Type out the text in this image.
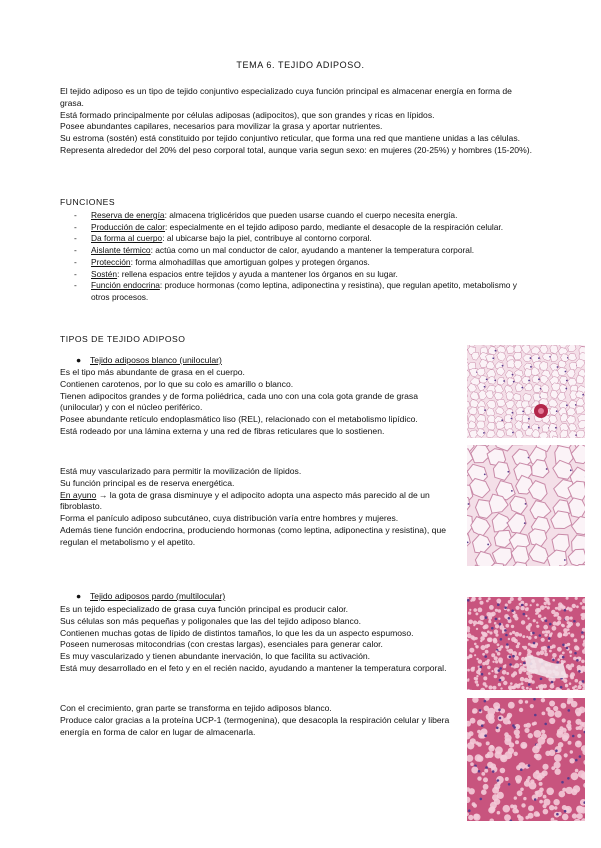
TEMA 6. TEJIDO ADIPOSO.

El tejido adiposo es un tipo de tejido conjuntivo especializado cuya función principal es almacenar energía en forma de grasa.

Está formado principalmente por células adiposas (adipocitos), que son grandes y ricas en lípidos.

Posee abundantes capilares, necesarios para movilizar la grasa y aportar nutrientes.

Su estroma (sostén) está constituido por tejido conjuntivo reticular, que forma una red que mantiene unidas a las células.

Representa alrededor del 20% del peso corporal total, aunque varia segun sexo: en mujeres (20-25%) y hombres (15-20%).

FUNCIONES
- Reserva de energía: almacena triglicéridos que pueden usarse cuando el cuerpo necesita energía.
- Producción de calor: especialmente en el tejido adiposo pardo, mediante el desacople de la respiración celular.
- Da forma al cuerpo: al ubicarse bajo la piel, contribuye al contorno corporal.
- Aislante térmico: actúa como un mal conductor de calor, ayudando a mantener la temperatura corporal.
- Protección: forma almohadillas que amortiguan golpes y protegen órganos.
- Sostén: rellena espacios entre tejidos y ayuda a mantener los órganos en su lugar.
- Función endocrina: produce hormonas (como leptina, adiponectina y resistina), que regulan apetito, metabolismo y otros procesos.
TIPOS DE TEJIDO ADIPOSO
● Tejido adiposos blanco (unilocular)

Es el tipo más abundante de grasa en el cuerpo.

Contienen carotenos, por lo que su colo es amarillo o blanco.

Tienen adipocitos grandes y de forma poliédrica, cada uno con una cola gota grande de grasa (unilocular) y con el núcleo periférico.

Posee abundante retículo endoplasmático liso (REL), relacionado con el metabolismo lipídico.

Está rodeado por una lámina externa y una red de fibras reticulares que lo sostienen.

Está muy vascularizado para permitir la movilización de lípidos.

Su función principal es de reserva energética.

En ayuno → la gota de grasa disminuye y el adipocito adopta una aspecto más parecido al de un fibroblasto.

Forma el panículo adiposo subcutáneo, cuya distribución varía entre hombres y mujeres.

Además tiene función endocrina, produciendo hormonas (como leptina, adiponectina y resistina), que regulan el metabolismo y el apetito.

● Tejido adiposos pardo (multilocular)

Es un tejido especializado de grasa cuya función principal es producir calor.

Sus células son más pequeñas y poligonales que las del tejido adiposo blanco.

Contienen muchas gotas de lípido de distintos tamaños, lo que les da un aspecto espumoso.

Poseen numerosas mitocondrias (con crestas largas), esenciales para generar calor.

Es muy vascularizado y tienen abundante inervación, lo que facilita su activación.

Está muy desarrollado en el feto y en el recién nacido, ayudando a mantener la temperatura corporal.

Con el crecimiento, gran parte se transforma en tejido adiposos blanco.

Produce calor gracias a la proteína UCP-1 (termogenina), que desacopla la respiración celular y libera energía en forma de calor en lugar de almacenarla.
